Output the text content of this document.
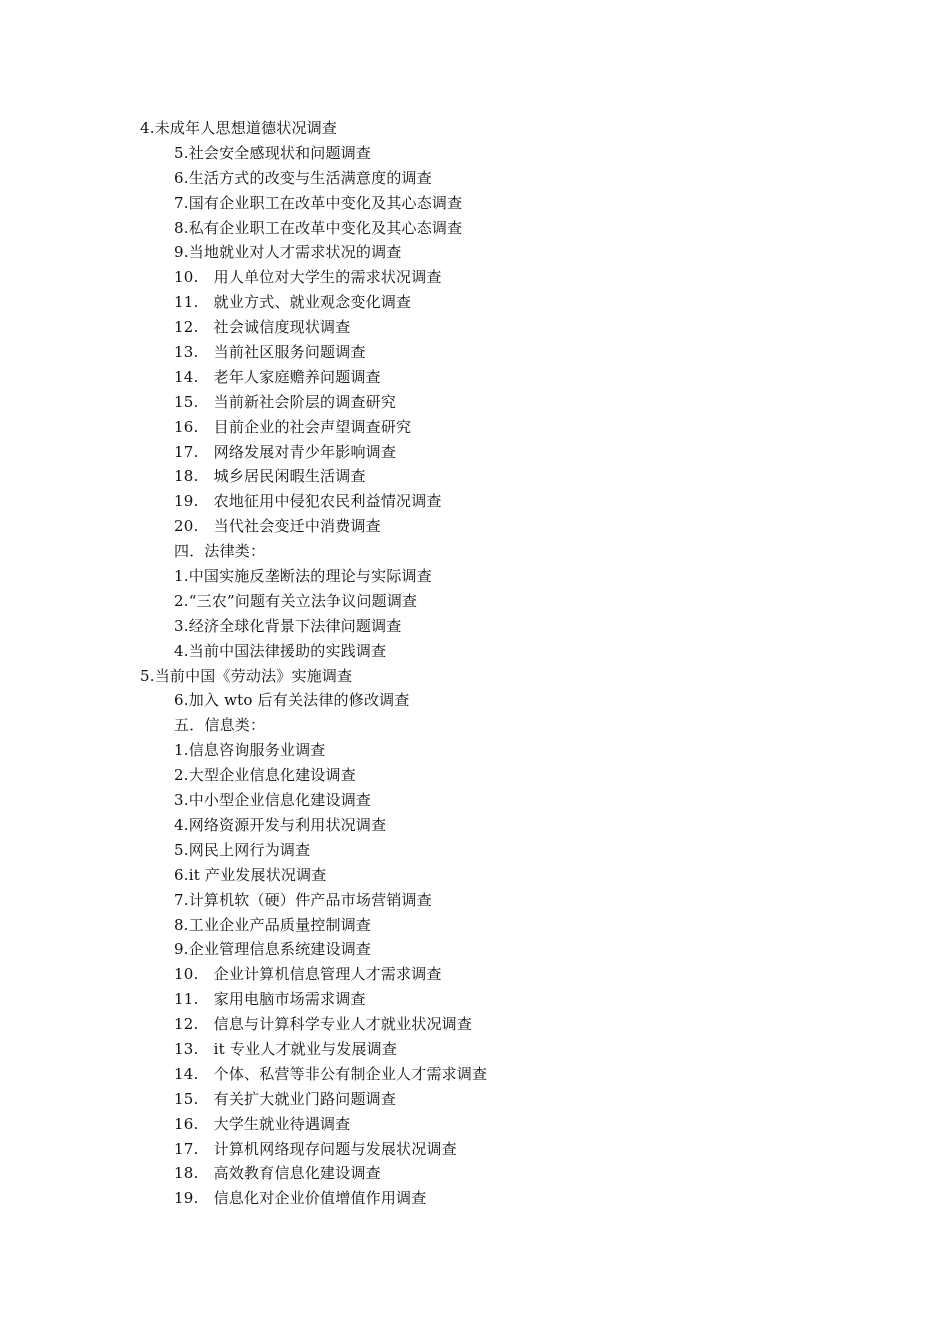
4.未成年人思想道德状况调查
5.社会安全感现状和问题调查
6.生活方式的改变与生活满意度的调查
7.国有企业职工在改革中变化及其心态调查
8.私有企业职工在改革中变化及其心态调查
9.当地就业对人才需求状况的调查
10.　用人单位对大学生的需求状况调查
11.　就业方式、就业观念变化调查
12.　社会诚信度现状调查
13.　当前社区服务问题调查
14.　老年人家庭赡养问题调查
15.　当前新社会阶层的调查研究
16.　目前企业的社会声望调查研究
17.　网络发展对青少年影响调查
18.　城乡居民闲暇生活调查
19.　农地征用中侵犯农民利益情况调查
20.　当代社会变迁中消费调查
四．法律类：
1.中国实施反垄断法的理论与实际调查
2.“三农”问题有关立法争议问题调查
3.经济全球化背景下法律问题调查
4.当前中国法律援助的实践调查
5.当前中国《劳动法》实施调查
6.加入 wto 后有关法律的修改调查
五．信息类：
1.信息咨询服务业调查
2.大型企业信息化建设调查
3.中小型企业信息化建设调查
4.网络资源开发与利用状况调查
5.网民上网行为调查
6.it 产业发展状况调查
7.计算机软（硬）件产品市场营销调查
8.工业企业产品质量控制调查
9.企业管理信息系统建设调查
10.　企业计算机信息管理人才需求调查
11.　家用电脑市场需求调查
12.　信息与计算科学专业人才就业状况调查
13.　it 专业人才就业与发展调查
14.　个体、私营等非公有制企业人才需求调查
15.　有关扩大就业门路问题调查
16.　大学生就业待遇调查
17.　计算机网络现存问题与发展状况调查
18.　高效教育信息化建设调查
19.　信息化对企业价值增值作用调查
